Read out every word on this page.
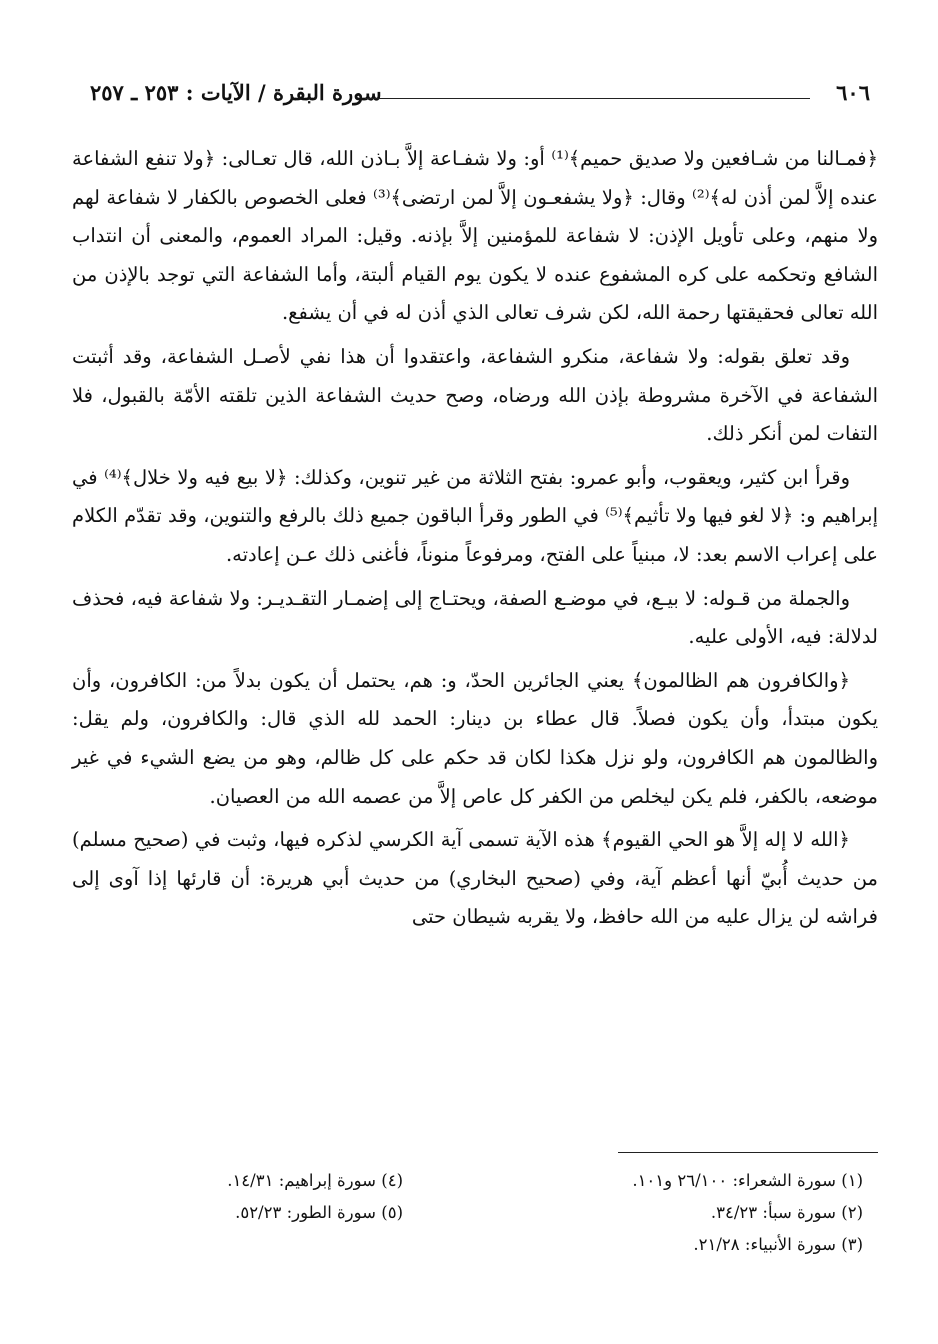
سورة البقرة / الآيات : ٢٥٣ ـ ٢٥٧	٦٠٦

﴿فمـالنا من شـافعين ولا صديق حميم﴾⁽¹⁾ أو: ولا شفـاعة إلاَّ بـاذن الله، قال تعـالى: ﴿ولا تنفع الشفاعة عنده إلاَّ لمن أذن له﴾⁽²⁾ وقال: ﴿ولا يشفعـون إلاَّ لمن ارتضى﴾⁽³⁾ فعلى الخصوص بالكفار لا شفاعة لهم ولا منهم، وعلى تأويل الإذن: لا شفاعة للمؤمنين إلاَّ بإذنه. وقيل: المراد العموم، والمعنى أن انتداب الشافع وتحكمه على كره المشفوع عنده لا يكون يوم القيام ألبتة، وأما الشفاعة التي توجد بالإذن من الله تعالى فحقيقتها رحمة الله، لكن شرف تعالى الذي أذن له في أن يشفع.

وقد تعلق بقوله: ولا شفاعة، منكرو الشفاعة، واعتقدوا أن هذا نفي لأصـل الشفاعة، وقد أثبتت الشفاعة في الآخرة مشروطة بإذن الله ورضاه، وصح حديث الشفاعة الذين تلقته الأمّة بالقبول، فلا التفات لمن أنكر ذلك.

وقرأ ابن كثير، ويعقوب، وأبو عمرو: بفتح الثلاثة من غير تنوين، وكذلك: ﴿لا بيع فيه ولا خلال﴾⁽⁴⁾ في إبراهيم و: ﴿لا لغو فيها ولا تأثيم﴾⁽⁵⁾ في الطور وقرأ الباقون جميع ذلك بالرفع والتنوين، وقد تقدّم الكلام على إعراب الاسم بعد: لا، مبنياً على الفتح، ومرفوعاً منوناً، فأغنى ذلك عـن إعادته.

والجملة من قـوله: لا بيـع، في موضـع الصفة، ويحتـاج إلى إضمـار التقـديـر: ولا شفاعة فيه، فحذف لدلالة: فيه، الأولى عليه.

﴿والكافرون هم الظالمون﴾ يعني الجائرين الحدّ، و: هم، يحتمل أن يكون بدلاً من: الكافرون، وأن يكون مبتدأ، وأن يكون فصلاً. قال عطاء بن دينار: الحمد لله الذي قال: والكافرون، ولم يقل: والظالمون هم الكافرون، ولو نزل هكذا لكان قد حكم على كل ظالم، وهو من يضع الشيء في غير موضعه، بالكفر، فلم يكن ليخلص من الكفر كل عاص إلاَّ من عصمه الله من العصيان.

﴿الله لا إله إلاَّ هو الحي القيوم﴾ هذه الآية تسمى آية الكرسي لذكره فيها، وثبت في (صحيح مسلم) من حديث أُبيّ أنها أعظم آية، وفي (صحيح البخاري) من حديث أبي هريرة: أن قارئها إذا آوى إلى فراشه لن يزال عليه من الله حافظ، ولا يقربه شيطان حتى

(١) سورة الشعراء: ٢٦/١٠٠ و١٠١.
(٢) سورة سبأ: ٣٤/٢٣.
(٣) سورة الأنبياء: ٢١/٢٨.
(٤) سورة إبراهيم: ١٤/٣١.
(٥) سورة الطور: ٥٢/٢٣.
